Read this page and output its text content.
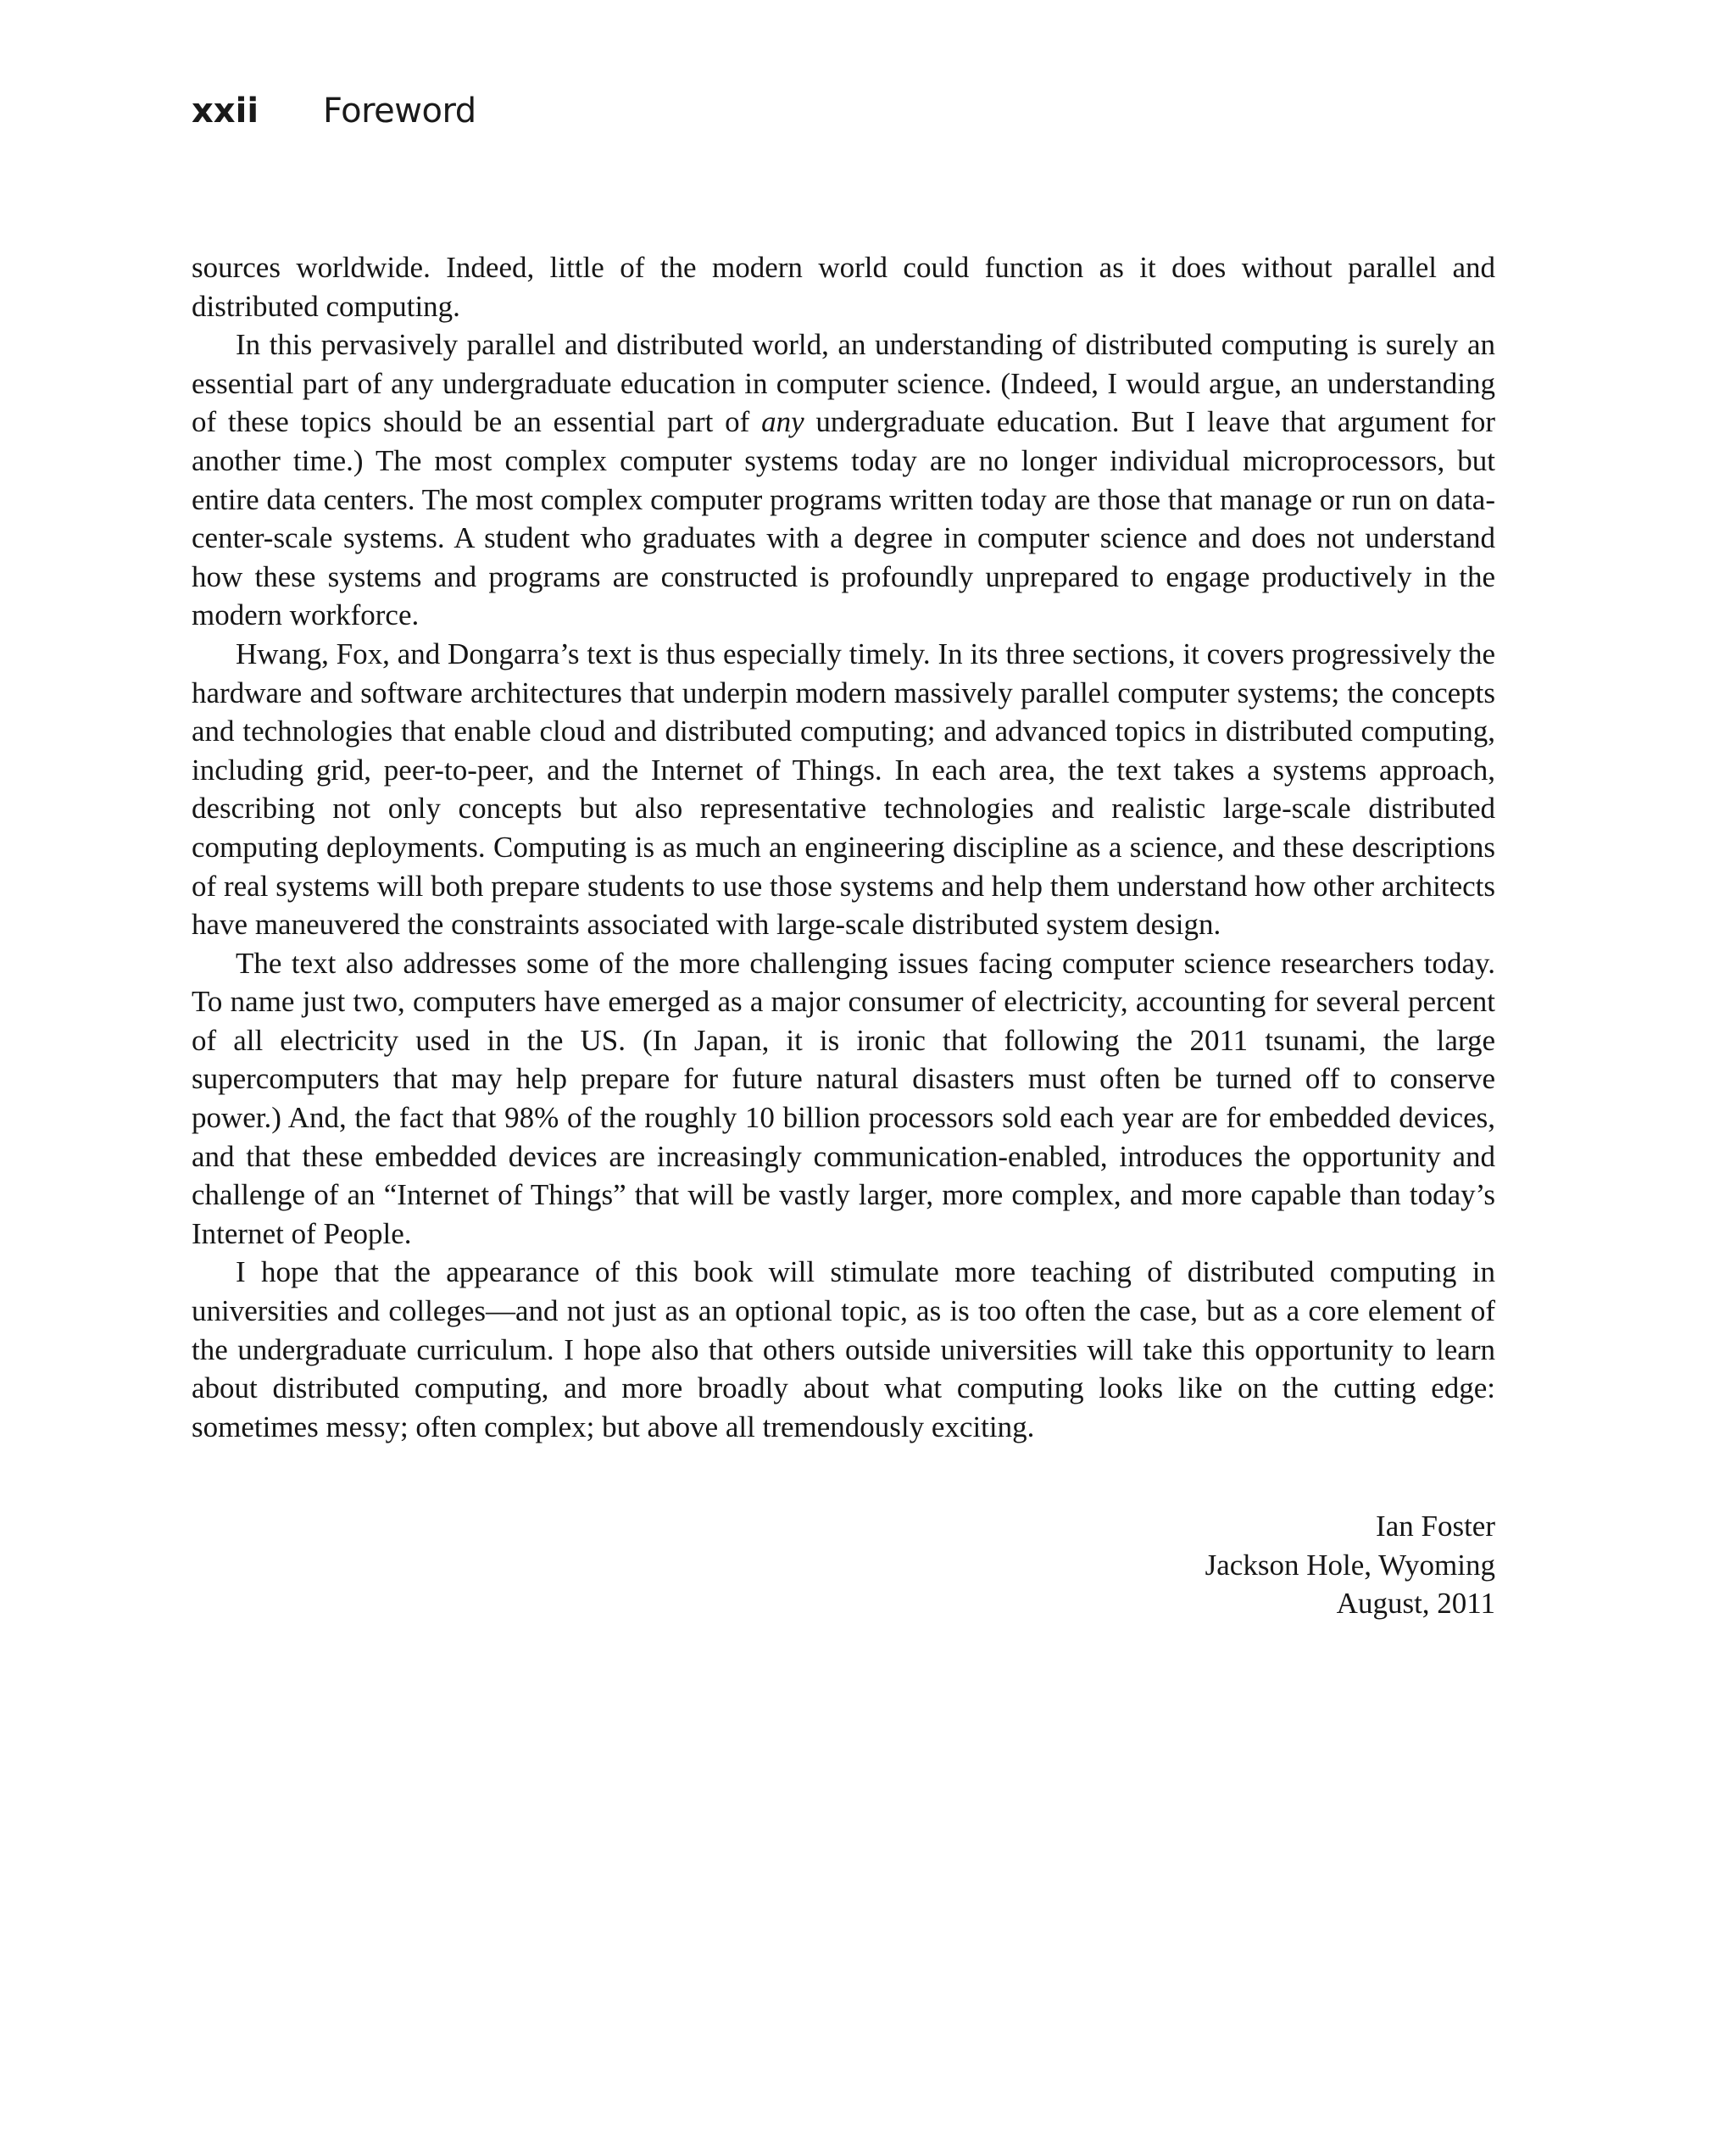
xxii Foreword

sources worldwide. Indeed, little of the modern world could function as it does without parallel and distributed computing.

In this pervasively parallel and distributed world, an understanding of distributed computing is surely an essential part of any undergraduate education in computer science. (Indeed, I would argue, an understanding of these topics should be an essential part of any undergraduate education. But I leave that argument for another time.) The most complex computer systems today are no longer individual microprocessors, but entire data centers. The most complex computer programs written today are those that manage or run on data-center-scale systems. A student who graduates with a degree in computer science and does not understand how these systems and programs are constructed is profoundly unprepared to engage productively in the modern workforce.

Hwang, Fox, and Dongarra’s text is thus especially timely. In its three sections, it covers progressively the hardware and software architectures that underpin modern massively parallel computer systems; the concepts and technologies that enable cloud and distributed computing; and advanced topics in distributed computing, including grid, peer-to-peer, and the Internet of Things. In each area, the text takes a systems approach, describing not only concepts but also representative technologies and realistic large-scale distributed computing deployments. Computing is as much an engineering discipline as a science, and these descriptions of real systems will both prepare students to use those systems and help them understand how other architects have maneuvered the constraints associated with large-scale distributed system design.

The text also addresses some of the more challenging issues facing computer science researchers today. To name just two, computers have emerged as a major consumer of electricity, accounting for several percent of all electricity used in the US. (In Japan, it is ironic that following the 2011 tsunami, the large supercomputers that may help prepare for future natural disasters must often be turned off to conserve power.) And, the fact that 98% of the roughly 10 billion processors sold each year are for embedded devices, and that these embedded devices are increasingly communication-enabled, introduces the opportunity and challenge of an “Internet of Things” that will be vastly larger, more complex, and more capable than today’s Internet of People.

I hope that the appearance of this book will stimulate more teaching of distributed computing in universities and colleges—and not just as an optional topic, as is too often the case, but as a core element of the undergraduate curriculum. I hope also that others outside universities will take this opportunity to learn about distributed computing, and more broadly about what computing looks like on the cutting edge: sometimes messy; often complex; but above all tremendously exciting.

Ian Foster
Jackson Hole, Wyoming
August, 2011
